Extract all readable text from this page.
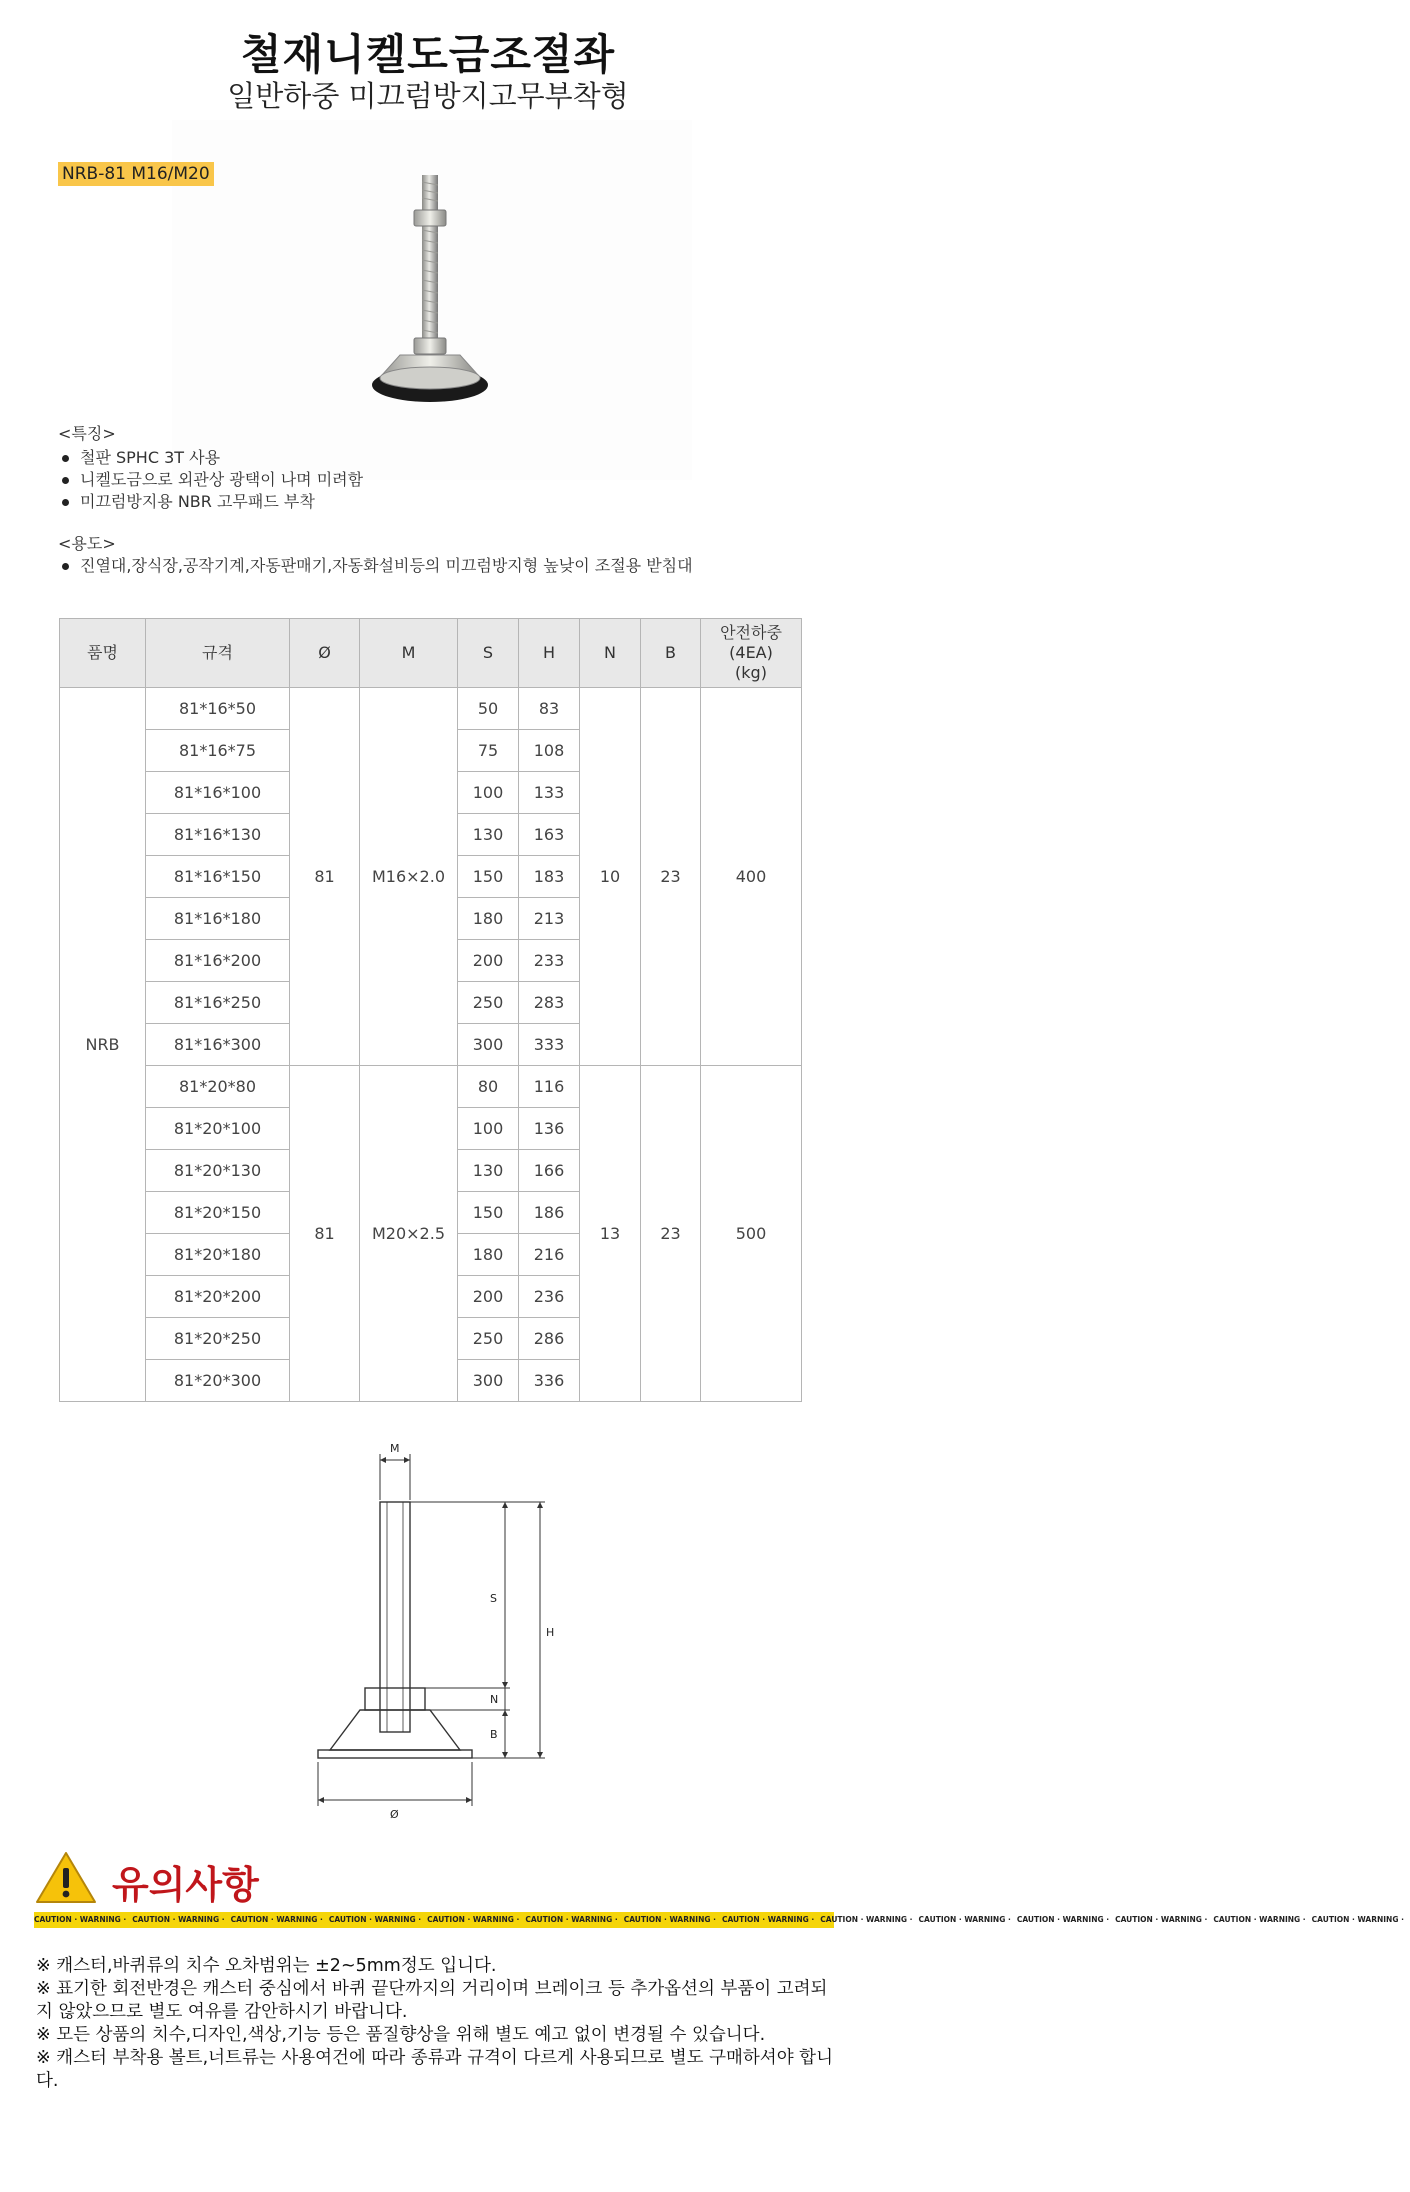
철재니켈도금조절좌
일반하중 미끄럼방지고무부착형
NRB-81 M16/M20
<특징>
철판 SPHC 3T 사용
니켈도금으로 외관상 광택이 나며 미려함
미끄럼방지용 NBR 고무패드 부착
<용도>
진열대,장식장,공작기계,자동판매기,자동화설비등의 미끄럼방지형 높낮이 조절용 받침대
품명	규격	Ø	M	S	H	N	B	안전하중
(4EA)
(kg)
NRB	81*16*50	81	M16×2.0	50	83	10	23	400
	81*16*75			75	108			
	81*16*100			100	133			
	81*16*130			130	163			
	81*16*150			150	183			
	81*16*180			180	213			
	81*16*200			200	233			
	81*16*250			250	283			
	81*16*300			300	333			
	81*20*80	81	M20×2.5	80	116	13	23	500
	81*20*100			100	136			
	81*20*130			130	166			
	81*20*150			150	186			
	81*20*180			180	216			
	81*20*200			200	236			
	81*20*250			250	286			
	81*20*300			300	336			
M
S
N
B
H
Ø
유의사항
CAUTION · WARNING · CAUTION · WARNING · CAUTION · WARNING · CAUTION · WARNING · CAUTION · WARNING · CAUTION · WARNING · CAUTION · WARNING · CAUTION · WARNING · CAUTION · WARNING · CAUTION · WARNING · CAUTION · WARNING · CAUTION · WARNING · CAUTION · WARNING · CAUTION · WARNING ·

※ 캐스터,바퀴류의 치수 오차범위는 ±2~5mm정도 입니다.

※ 표기한 회전반경은 캐스터 중심에서 바퀴 끝단까지의 거리이며 브레이크 등 추가옵션의 부품이 고려되지 않았으므로 별도 여유를 감안하시기 바랍니다.

※ 모든 상품의 치수,디자인,색상,기능 등은 품질향상을 위해 별도 예고 없이 변경될 수 있습니다.

※ 캐스터 부착용 볼트,너트류는 사용여건에 따라 종류과 규격이 다르게 사용되므로 별도 구매하셔야 합니다.
